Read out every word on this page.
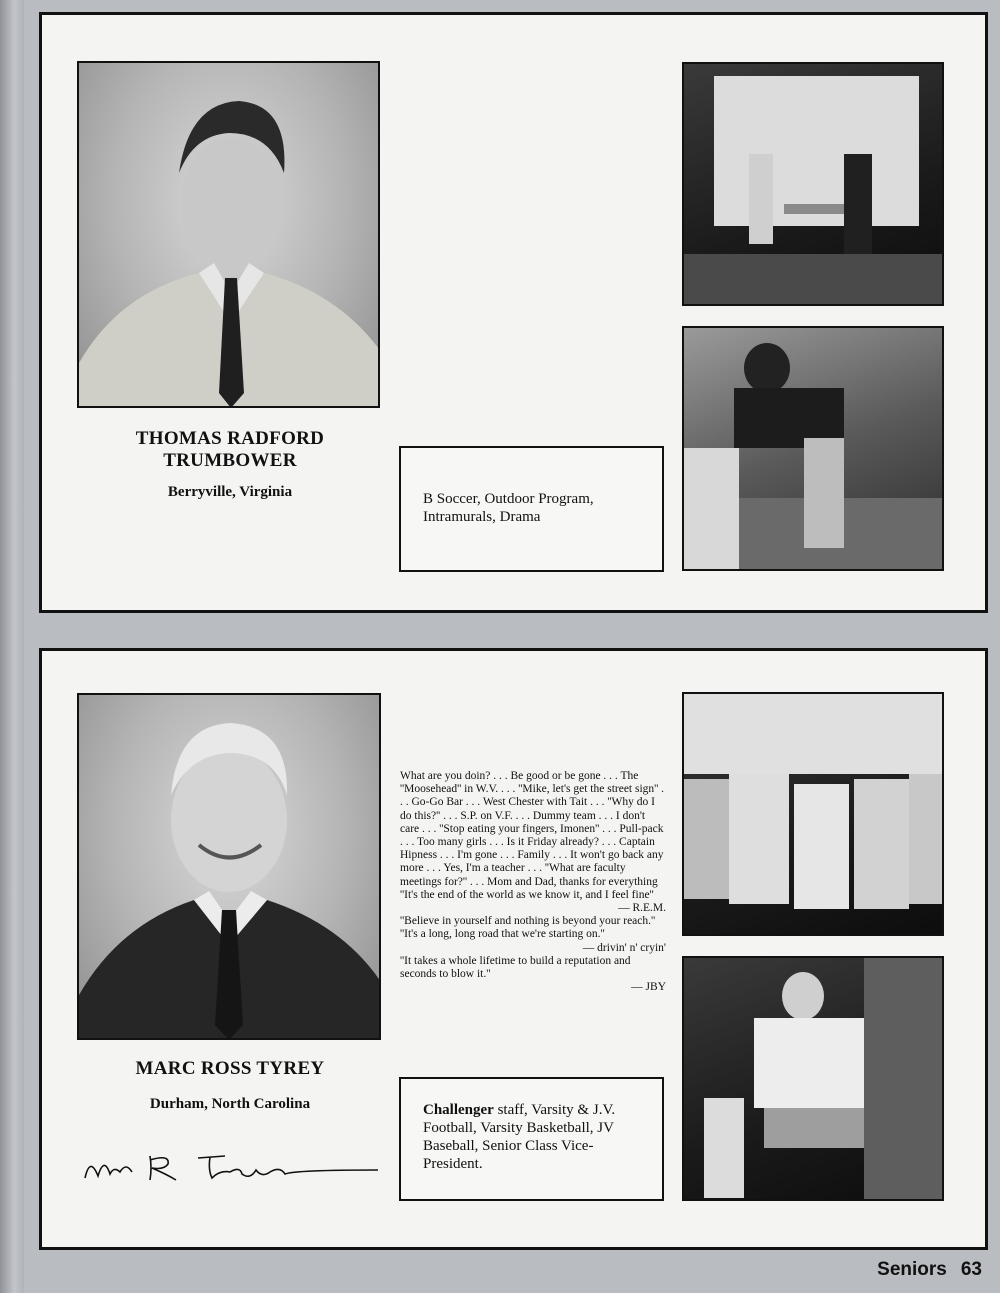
THOMAS RADFORD
TRUMBOWER
Berryville, Virginia	B Soccer, Outdoor Program, Intramurals, Drama

What are you doin? . . . Be good or be gone . . . The ''Moosehead'' in W.V. . . . ''Mike, let's get the street sign'' . . . Go-Go Bar . . . West Chester with Tait . . . ''Why do I do this?'' . . . S.P. on V.F. . . . Dummy team . . . I don't care . . . ''Stop eating your fingers, Imonen'' . . . Pull-pack . . . Too many girls . . . Is it Friday already? . . . Captain Hipness . . . I'm gone . . . Family . . . It won't go back any more . . . Yes, I'm a teacher . . . ''What are faculty meetings for?'' . . . Mom and Dad, thanks for everything

''It's the end of the world as we know it, and I feel fine''

— R.E.M.

''Believe in yourself and nothing is beyond your reach.''

''It's a long, long road that we're starting on.''

— drivin' n' cryin'

''It takes a whole lifetime to build a reputation and seconds to blow it.''

— JBY
MARC ROSS TYREY
Durham, North Carolina	Challenger staff, Varsity & J.V. Football, Varsity Basketball, JV Baseball, Senior Class Vice-President.
Seniors 63
